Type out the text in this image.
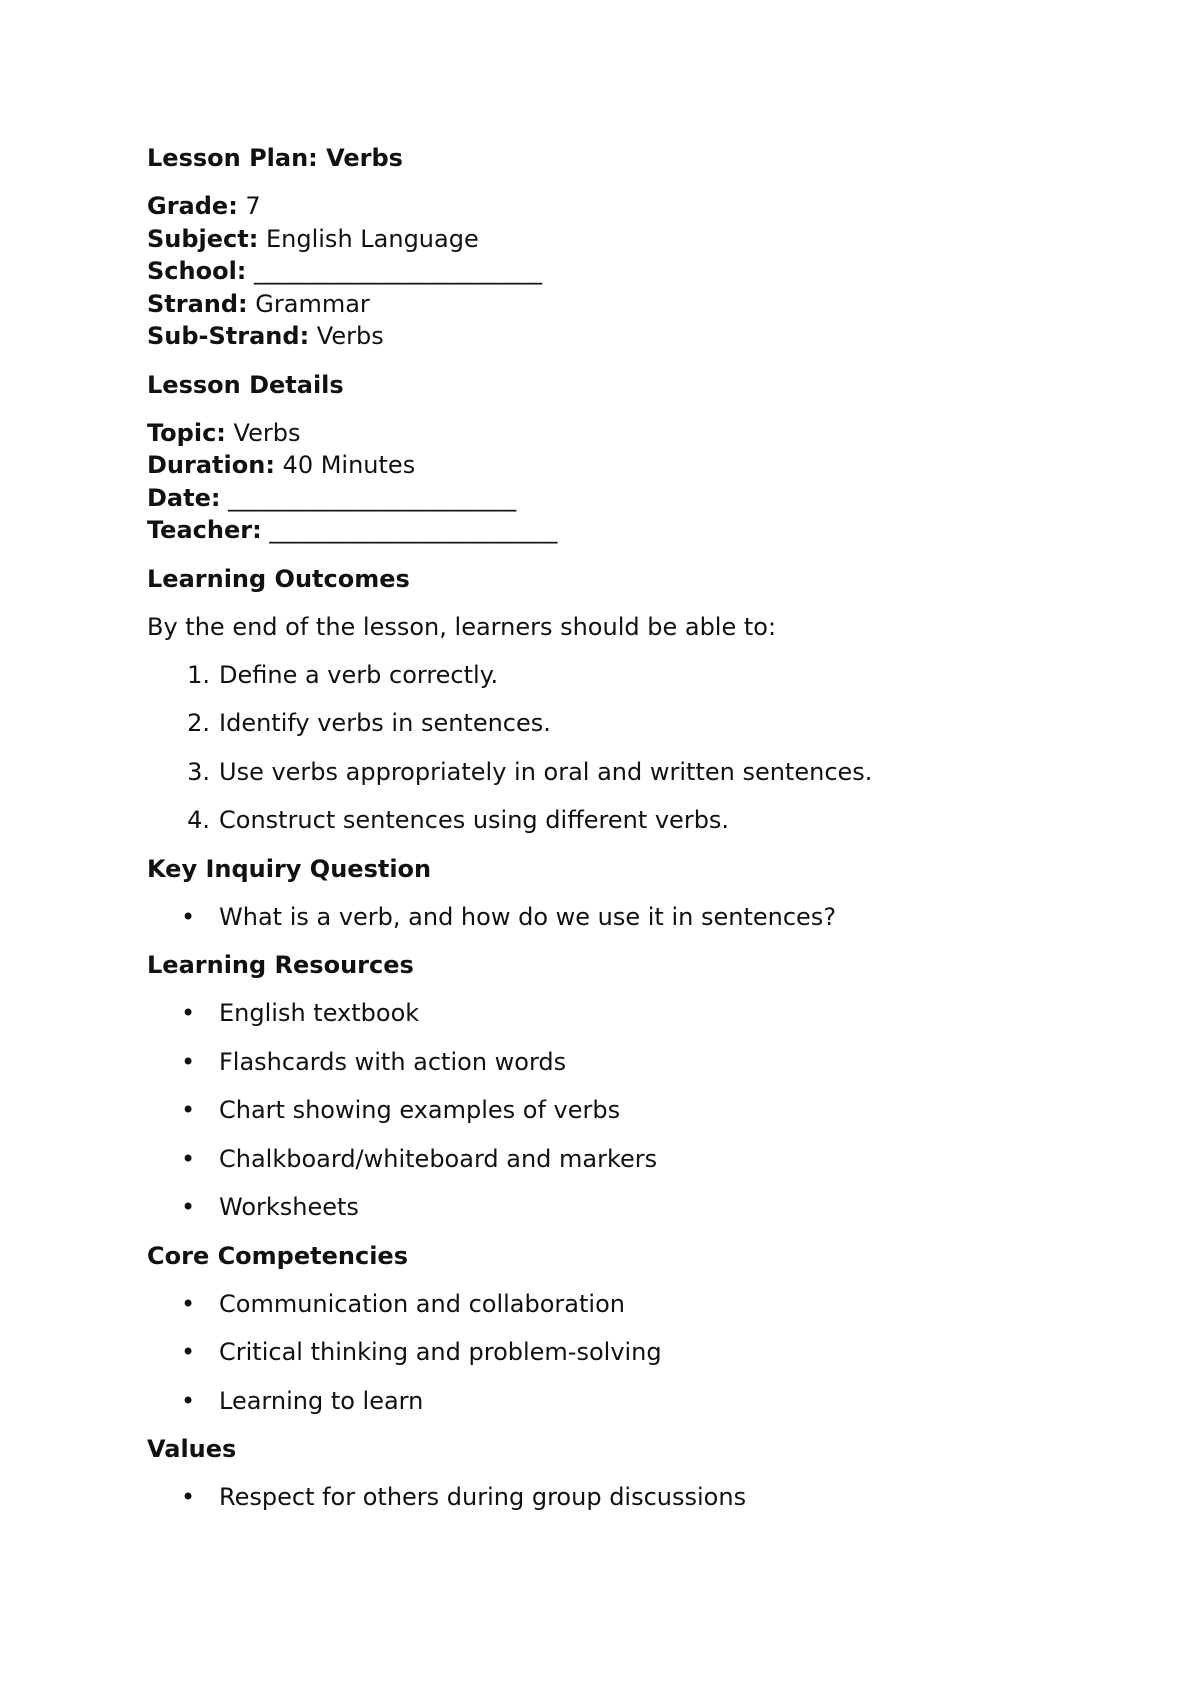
Lesson Plan: Verbs

Grade: 7

Subject: English Language

School: ________________________

Strand: Grammar

Sub-Strand: Verbs

Lesson Details

Topic: Verbs

Duration: 40 Minutes

Date: ________________________

Teacher: ________________________

Learning Outcomes

By the end of the lesson, learners should be able to:

1. Define a verb correctly.
2. Identify verbs in sentences.
3. Use verbs appropriately in oral and written sentences.
4. Construct sentences using different verbs.

Key Inquiry Question

• What is a verb, and how do we use it in sentences?

Learning Resources

• English textbook
• Flashcards with action words
• Chart showing examples of verbs
• Chalkboard/whiteboard and markers
• Worksheets

Core Competencies

• Communication and collaboration
• Critical thinking and problem-solving
• Learning to learn

Values

• Respect for others during group discussions
